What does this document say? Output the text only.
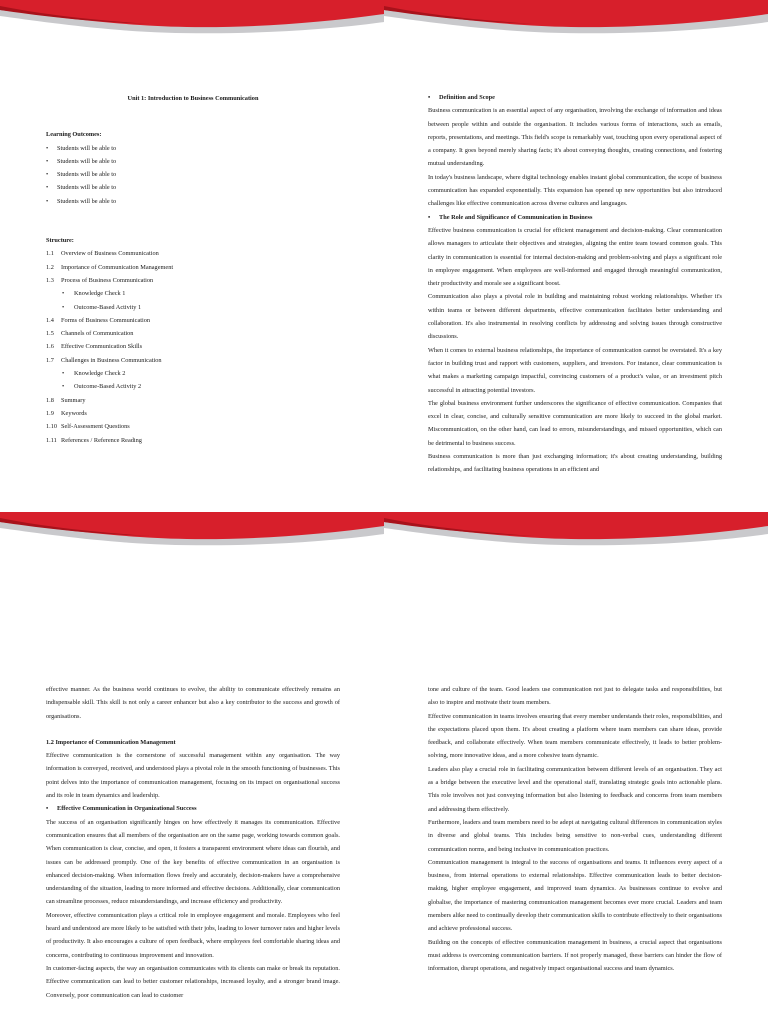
Unit 1: Introduction to Business Communication

Learning Outcomes:

• Students will be able to
• Students will be able to
• Students will be able to
• Students will be able to
• Students will be able to

Structure:

1.1	Overview of Business Communication
1.2	Importance of Communication Management
1.3	Process of Business Communication
• Knowledge Check 1
• Outcome-Based Activity 1
1.4	Forms of Business Communication
1.5	Channels of Communication
1.6	Effective Communication Skills
1.7	Challenges in Business Communication
• Knowledge Check 2
• Outcome-Based Activity 2
1.8	Summary
1.9	Keywords
1.10 Self-Assessment Questions
1.11 References / Reference Reading

• Definition and Scope

Business communication is an essential aspect of any organisation, involving the exchange of information and ideas between people within and outside the organisation. It includes various forms of interactions, such as emails, reports, presentations, and meetings. This field's scope is remarkably vast, touching upon every operational aspect of a company. It goes beyond merely sharing facts; it's about conveying thoughts, creating connections, and fostering mutual understanding.

In today's business landscape, where digital technology enables instant global communication, the scope of business communication has expanded exponentially. This expansion has opened up new opportunities but also introduced challenges like effective communication across diverse cultures and languages.

• The Role and Significance of Communication in Business

Effective business communication is crucial for efficient management and decision-making. Clear communication allows managers to articulate their objectives and strategies, aligning the entire team toward common goals. This clarity in communication is essential for internal decision-making and problem-solving and plays a significant role in employee engagement. When employees are well-informed and engaged through meaningful communication, their productivity and morale see a significant boost.

Communication also plays a pivotal role in building and maintaining robust working relationships. Whether it's within teams or between different departments, effective communication facilitates better understanding and collaboration. It's also instrumental in resolving conflicts by addressing and solving issues through constructive discussions.

When it comes to external business relationships, the importance of communication cannot be overstated. It's a key factor in building trust and rapport with customers, suppliers, and investors. For instance, clear communication is what makes a marketing campaign impactful, convincing customers of a product's value, or an investment pitch successful in attracting potential investors.

The global business environment further underscores the significance of effective communication. Companies that excel in clear, concise, and culturally sensitive communication are more likely to succeed in the global market. Miscommunication, on the other hand, can lead to errors, misunderstandings, and missed opportunities, which can be detrimental to business success.

Business communication is more than just exchanging information; it's about creating understanding, building relationships, and facilitating business operations in an efficient and

effective manner. As the business world continues to evolve, the ability to communicate effectively remains an indispensable skill. This skill is not only a career enhancer but also a key contributor to the success and growth of organisations.

1.2 Importance of Communication Management

Effective communication is the cornerstone of successful management within any organisation. The way information is conveyed, received, and understood plays a pivotal role in the smooth functioning of businesses. This point delves into the importance of communication management, focusing on its impact on organisational success and its role in team dynamics and leadership.

• Effective Communication in Organizational Success

The success of an organisation significantly hinges on how effectively it manages its communication. Effective communication ensures that all members of the organisation are on the same page, working towards common goals. When communication is clear, concise, and open, it fosters a transparent environment where ideas can flourish, and issues can be addressed promptly. One of the key benefits of effective communication in an organisation is enhanced decision-making. When information flows freely and accurately, decision-makers have a comprehensive understanding of the situation, leading to more informed and effective decisions. Additionally, clear communication can streamline processes, reduce misunderstandings, and increase efficiency and productivity.

Moreover, effective communication plays a critical role in employee engagement and morale. Employees who feel heard and understood are more likely to be satisfied with their jobs, leading to lower turnover rates and higher levels of productivity. It also encourages a culture of open feedback, where employees feel comfortable sharing ideas and concerns, contributing to continuous improvement and innovation.

In customer-facing aspects, the way an organisation communicates with its clients can make or break its reputation. Effective communication can lead to better customer relationships, increased loyalty, and a stronger brand image. Conversely, poor communication can lead to customer

tone and culture of the team. Good leaders use communication not just to delegate tasks and responsibilities, but also to inspire and motivate their team members.

Effective communication in teams involves ensuring that every member understands their roles, responsibilities, and the expectations placed upon them. It's about creating a platform where team members can share ideas, provide feedback, and collaborate effectively. When team members communicate effectively, it leads to better problem-solving, more innovative ideas, and a more cohesive team dynamic.

Leaders also play a crucial role in facilitating communication between different levels of an organisation. They act as a bridge between the executive level and the operational staff, translating strategic goals into actionable plans. This role involves not just conveying information but also listening to feedback and concerns from team members and addressing them effectively.

Furthermore, leaders and team members need to be adept at navigating cultural differences in communication styles in diverse and global teams. This includes being sensitive to non-verbal cues, understanding different communication norms, and being inclusive in communication practices.

Communication management is integral to the success of organisations and teams. It influences every aspect of a business, from internal operations to external relationships. Effective communication leads to better decision-making, higher employee engagement, and improved team dynamics. As businesses continue to evolve and globalise, the importance of mastering communication management becomes ever more crucial. Leaders and team members alike need to continually develop their communication skills to contribute effectively to their organisations and achieve professional success.

Building on the concepts of effective communication management in business, a crucial aspect that organisations must address is overcoming communication barriers. If not properly managed, these barriers can hinder the flow of information, disrupt operations, and negatively impact organisational success and team dynamics.
